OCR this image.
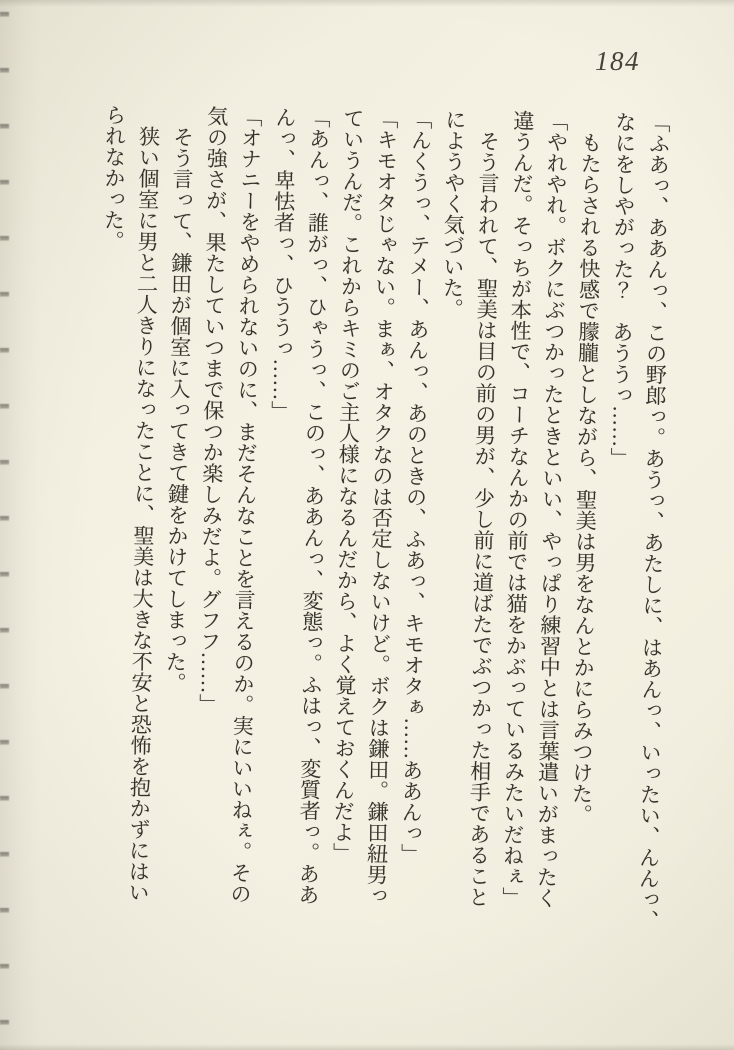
184

「ふあっ、ああんっ、この野郎っ。あうっ、あたしに、はあんっ、いったい、んんっ、
なにをしやがった？　あううっ……」

　もたらされる快感で朦朧としながら、聖美は男をなんとかにらみつけた。

「やれやれ。ボクにぶつかったときといい、やっぱり練習中とは言葉遣いがまったく
違うんだ。そっちが本性で、コーチなんかの前では猫をかぶっているみたいだねぇ」

　そう言われて、聖美は目の前の男が、少し前に道ばたでぶつかった相手であること
にようやく気づいた。

「んくうっ、テメー、あんっ、あのときの、ふあっ、キモオタぁ……ああんっ」

「キモオタじゃない。まぁ、オタクなのは否定しないけど。ボクは鎌田。鎌田紐男っ
ていうんだ。これからキミのご主人様になるんだから、よく覚えておくんだよ」

「あんっ、誰がっ、ひゃうっ、このっ、ああんっ、変態っ。ふはっ、変質者っ。ああ
んっ、卑怯者っ、ひううっ……」

「オナニーをやめられないのに、まだそんなことを言えるのか。実にいいねぇ。その
気の強さが、果たしていつまで保つか楽しみだよ。グフフ……」

　そう言って、鎌田が個室に入ってきて鍵をかけてしまった。

　狭い個室に男と二人きりになったことに、聖美は大きな不安と恐怖を抱かずにはい
られなかった。
